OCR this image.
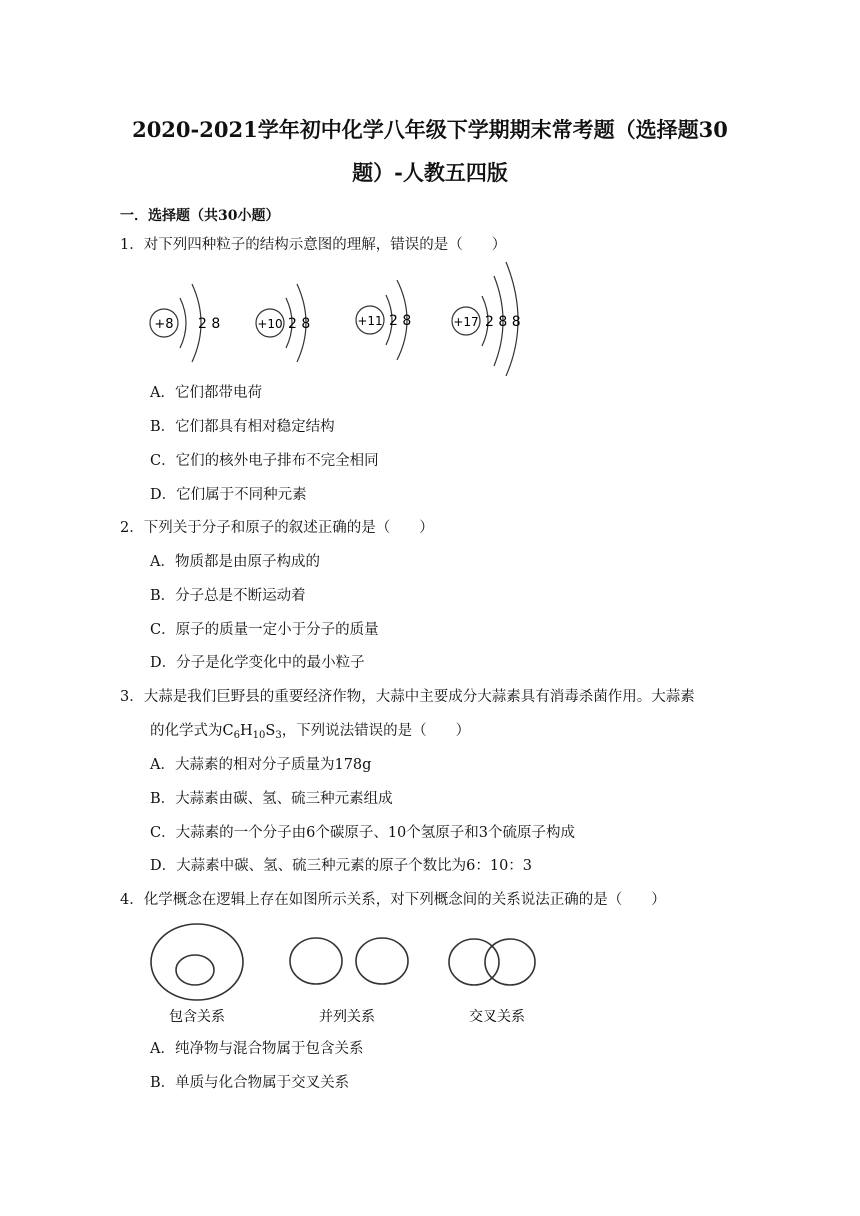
2020-2021学年初中化学八年级下学期期末常考题（选择题30
题）-人教五四版
一．选择题（共30小题）
1．对下列四种粒子的结构示意图的理解，错误的是（　　）
+8 2 8	+10 2 8	+11 2 8	+17 2 8 8
A．它们都带电荷
B．它们都具有相对稳定结构
C．它们的核外电子排布不完全相同
D．它们属于不同种元素
2．下列关于分子和原子的叙述正确的是（　　）
A．物质都是由原子构成的
B．分子总是不断运动着
C．原子的质量一定小于分子的质量
D．分子是化学变化中的最小粒子
3．大蒜是我们巨野县的重要经济作物，大蒜中主要成分大蒜素具有消毒杀菌作用。大蒜素
的化学式为$C_6H_{10}S_3$，下列说法错误的是（　　）
A．大蒜素的相对分子质量为178g
B．大蒜素由碳、氢、硫三种元素组成
C．大蒜素的一个分子由6个碳原子、10个氢原子和3个硫原子构成
D．大蒜素中碳、氢、硫三种元素的原子个数比为6：10：3
4．化学概念在逻辑上存在如图所示关系，对下列概念间的关系说法正确的是（　　）
包含关系	并列关系	交叉关系
A．纯净物与混合物属于包含关系
B．单质与化合物属于交叉关系
